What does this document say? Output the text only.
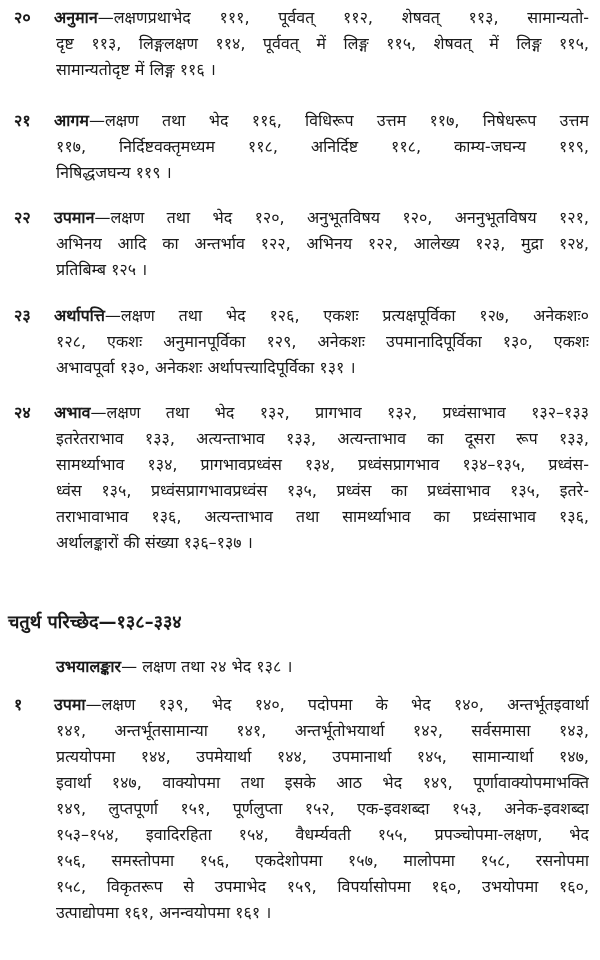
२० अनुमान—लक्षणप्रथाभेद १११, पूर्ववत् ११२, शेषवत् ११३, सामान्यतो-
दृष्ट ११३, लिङ्गलक्षण ११४, पूर्ववत् में लिङ्ग ११५, शेषवत् में लिङ्ग ११५,
सामान्यतोदृष्ट में लिङ्ग ११६ ।
२१ आगम—लक्षण तथा भेद ११६, विधिरूप उत्तम ११७, निषेधरूप उत्तम
११७, निर्दिष्टवक्तृमध्यम ११८, अनिर्दिष्ट ११८, काम्य-जघन्य ११९,
निषिद्धजघन्य ११९ ।
२२ उपमान—लक्षण तथा भेद १२०, अनुभूतविषय १२०, अननुभूतविषय १२१,
अभिनय आदि का अन्तर्भाव १२२, अभिनय १२२, आलेख्य १२३, मुद्रा १२४,
प्रतिबिम्ब १२५ ।
२३ अर्थापत्ति—लक्षण तथा भेद १२६, एकशः प्रत्यक्षपूर्विका १२७, अनेकशः०
१२८, एकशः अनुमानपूर्विका १२९, अनेकशः उपमानादिपूर्विका १३०, एकशः
अभावपूर्वा १३०, अनेकशः अर्थापत्त्यादिपूर्विका १३१ ।
२४ अभाव—लक्षण तथा भेद १३२, प्रागभाव १३२, प्रध्वंसाभाव १३२–१३३
इतरेतराभाव १३३, अत्यन्ताभाव १३३, अत्यन्ताभाव का दूसरा रूप १३३,
सामर्थ्याभाव १३४, प्रागभावप्रध्वंस १३४, प्रध्वंसप्रागभाव १३४–१३५, प्रध्वंस-
ध्वंस १३५, प्रध्वंसप्रागभावप्रध्वंस १३५, प्रध्वंस का प्रध्वंसाभाव १३५, इतरे-
तराभावाभाव १३६, अत्यन्ताभाव तथा सामर्थ्याभाव का प्रध्वंसाभाव १३६,
अर्थालङ्कारों की संख्या १३६–१३७ ।
चतुर्थ परिच्छेद—१३८–३३४
उभयालङ्कार— लक्षण तथा २४ भेद १३८ ।
१ उपमा—लक्षण १३९, भेद १४०, पदोपमा के भेद १४०, अन्तर्भूतइवार्था
१४१, अन्तर्भूतसामान्या १४१, अन्तर्भूतोभयार्था १४२, सर्वसमासा १४३,
प्रत्ययोपमा १४४, उपमेयार्था १४४, उपमानार्था १४५, सामान्यार्था १४७,
इवार्था १४७, वाक्योपमा तथा इसके आठ भेद १४९, पूर्णावाक्योपमाभक्ति
१४९, लुप्तपूर्णा १५१, पूर्णलुप्ता १५२, एक-इवशब्दा १५३, अनेक-इवशब्दा
१५३–१५४, इवादिरहिता १५४, वैधर्म्यवती १५५, प्रपञ्चोपमा-लक्षण, भेद
१५६, समस्तोपमा १५६, एकदेशोपमा १५७, मालोपमा १५८, रसनोपमा
१५८, विकृतरूप से उपमाभेद १५९, विपर्यासोपमा १६०, उभयोपमा १६०,
उत्पाद्योपमा १६१, अनन्वयोपमा १६१ ।
